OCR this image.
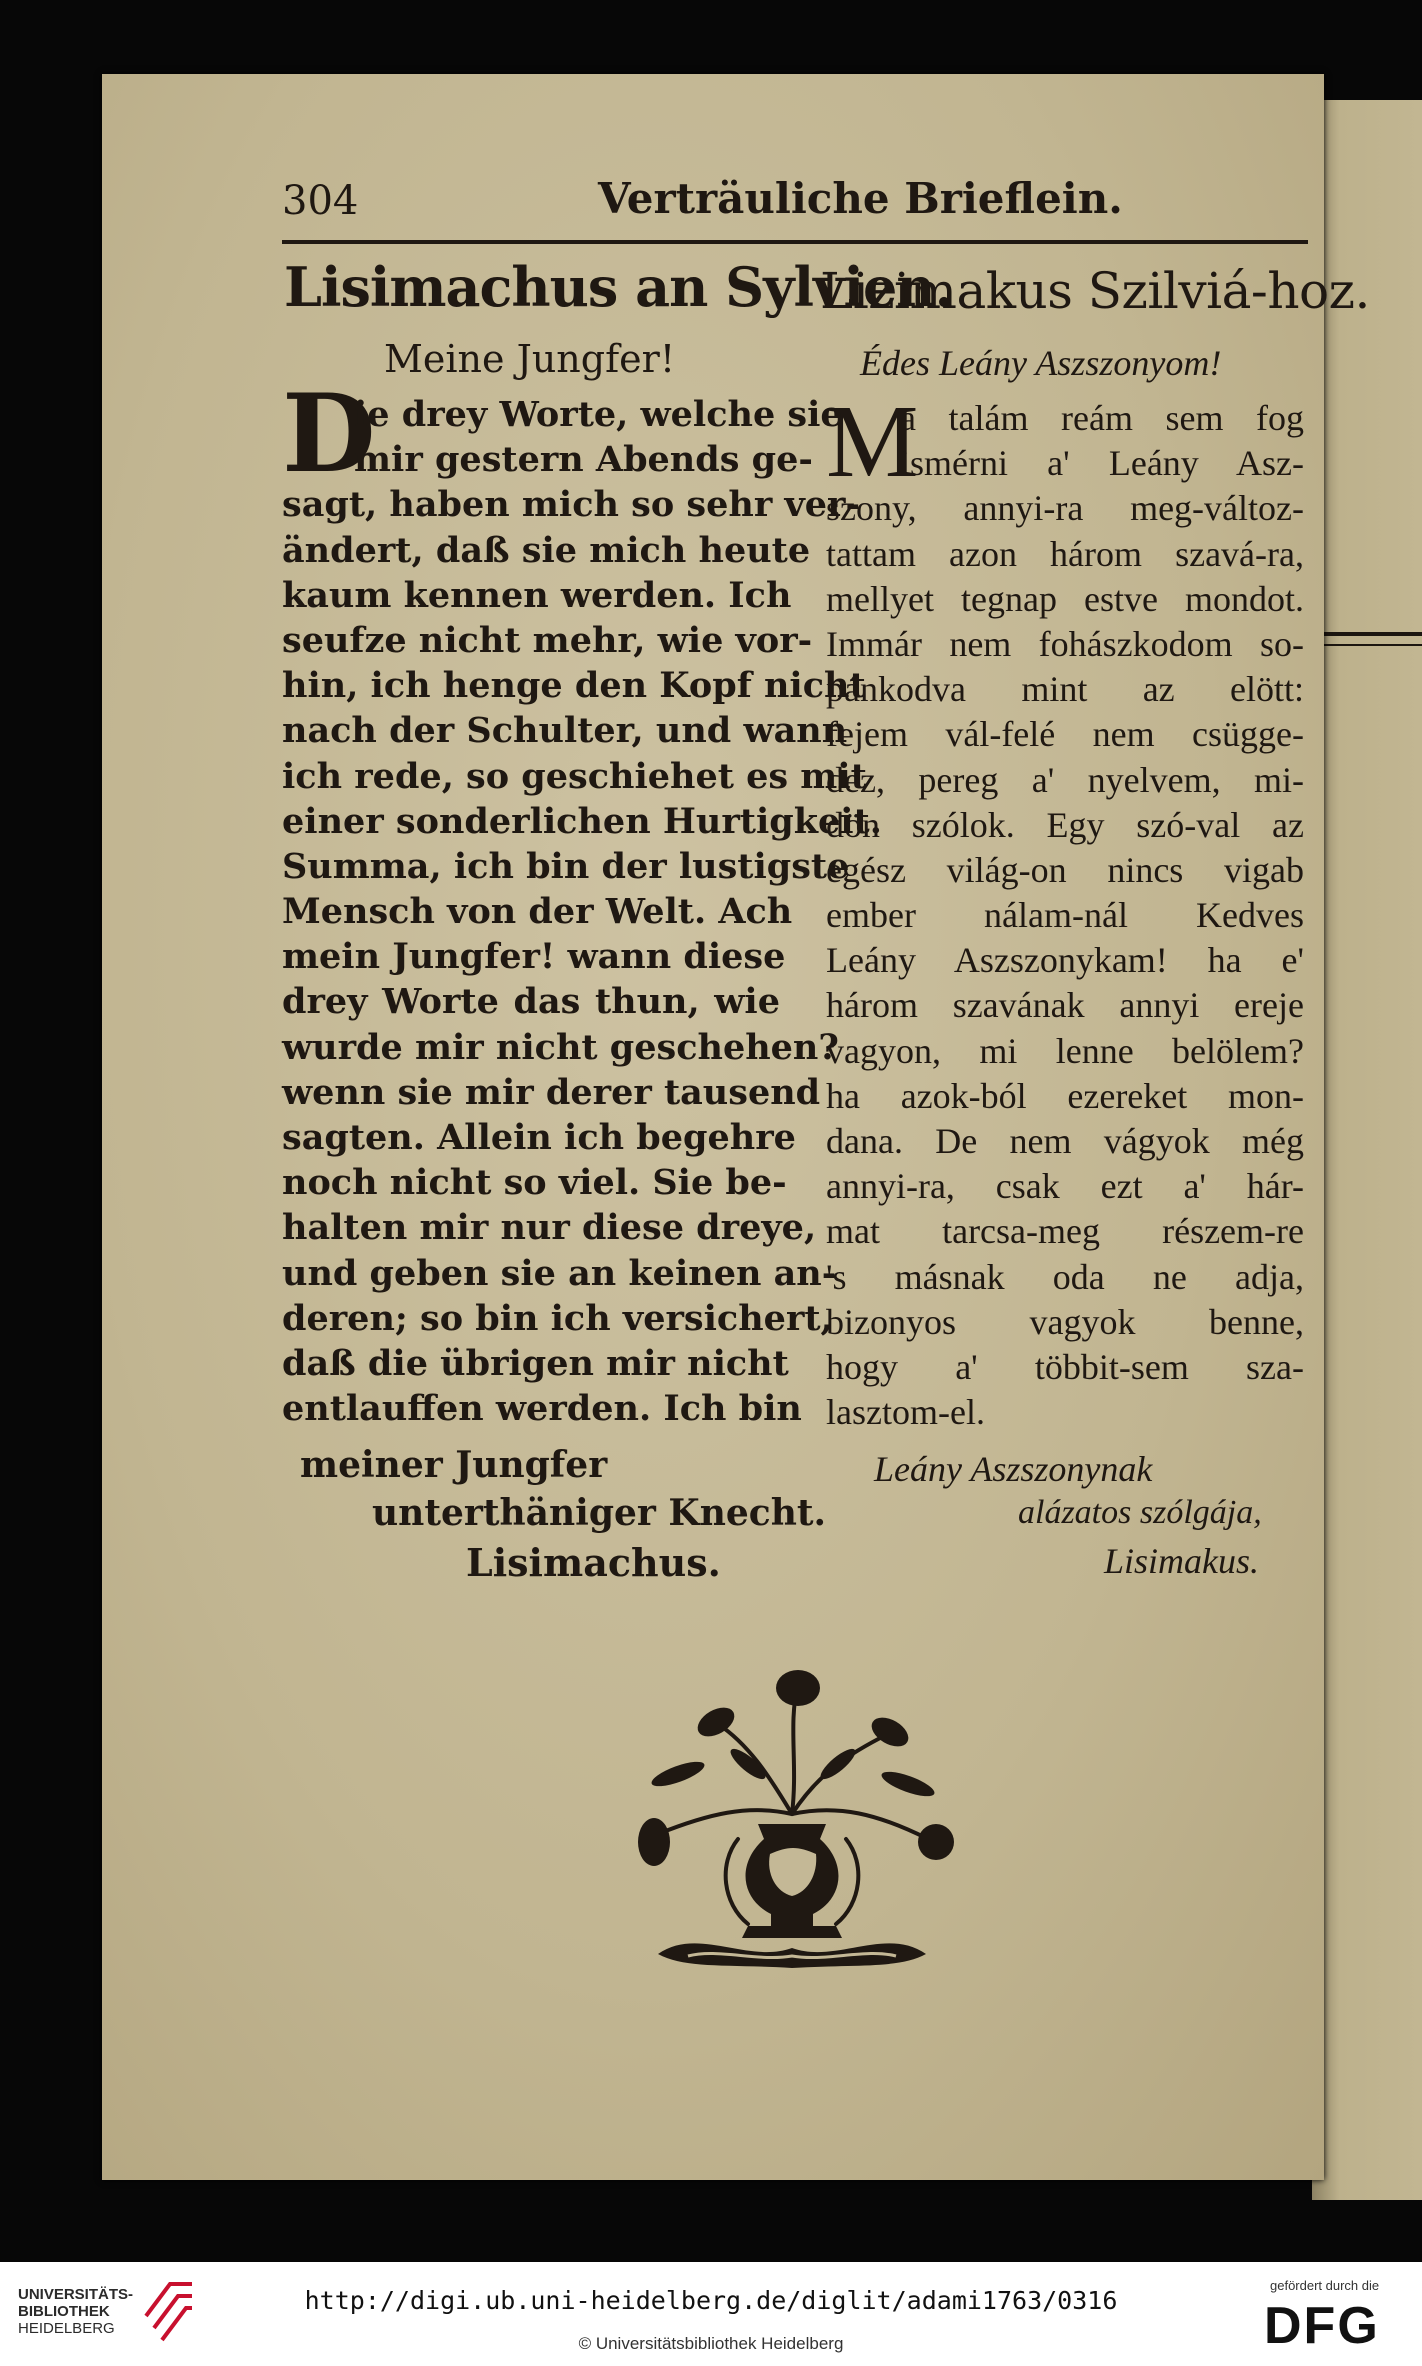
304	Verträuliche Brieflein.
Lisimachus an Sylvien.
Lizimakus Szilviá-hoz.
Meine Jungfer!	Édes Leány Aszszonyom!
D	M
ie drey Worte, welche sie
mir gestern Abends ge-
sagt, haben mich so sehr ver-
ändert, daß sie mich heute
kaum kennen werden. Ich
seufze nicht mehr, wie vor-
hin, ich henge den Kopf nicht
nach der Schulter, und wann
ich rede, so geschiehet es mit
einer sonderlichen Hurtigkeit.
Summa, ich bin der lustigste
Mensch von der Welt. Ach
mein Jungfer! wann diese
drey Worte das thun, wie
wurde mir nicht geschehen?
wenn sie mir derer tausend
sagten. Allein ich begehre
noch nicht so viel. Sie be-
halten mir nur diese dreye,
und geben sie an keinen an-
deren; so bin ich versichert,
daß die übrigen mir nicht
entlauffen werden. Ich bin
a talám reám sem fog
ismérni a' Leány Asz-
szony, annyi-ra meg-változ-
tattam azon három szavá-ra,
mellyet tegnap estve mondot.
Immár nem fohászkodom so-
pánkodva mint az elött:
fejem vál-felé nem csügge-
dez, pereg a' nyelvem, mi-
dön szólok. Egy szó-val az
egész világ-on nincs vigab
ember nálam-nál Kedves
Leány Aszszonykam! ha e'
három szavának annyi ereje
vagyon, mi lenne belölem?
ha azok-ból ezereket mon-
dana. De nem vágyok még
annyi-ra, csak ezt a' hár-
mat tarcsa-meg részem-re
's másnak oda ne adja,
bizonyos vagyok benne,
hogy a' többit-sem sza-
lasztom-el.
meiner Jungfer
unterthäniger Knecht.
Lisimachus.
Leány Aszszonynak
alázatos szólgája,
Lisimakus.
UNIVERSITÄTS-
BIBLIOTHEK
HEIDELBERG
http://digi.ub.uni-heidelberg.de/diglit/adami1763/0316
© Universitätsbibliothek Heidelberg
gefördert durch die
DFG
